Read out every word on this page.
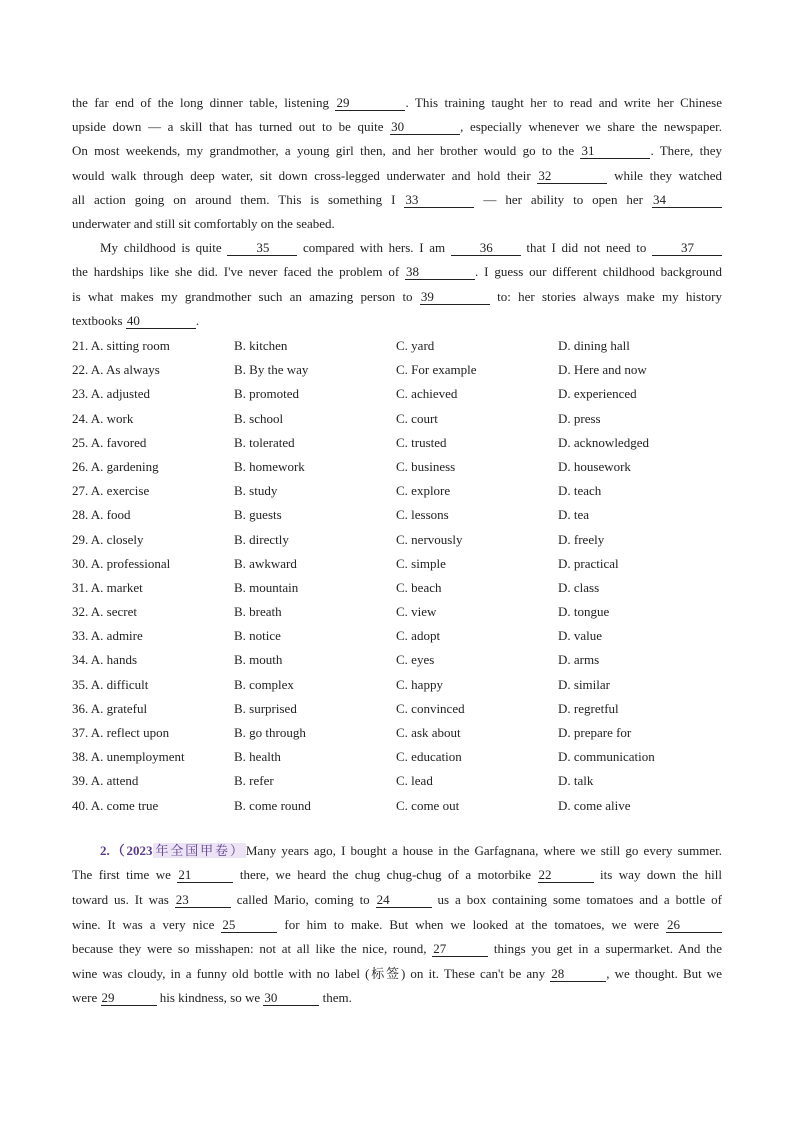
the far end of the long dinner table, listening 29	. This training taught her to read and write her Chinese

upside down — a skill that has turned out to be quite 30	, especially whenever we share the newspaper.

On most weekends, my grandmother, a young girl then, and her brother would go to the 31	. There, they

would walk through deep water, sit down cross-legged underwater and hold their 32	while they watched

all action going on around them. This is something I 33	— her ability to open her 34

underwater and still sit comfortably on the seabed.

My childhood is quite 35 compared with hers. I am 36 that I did not need to 37

the hardships like she did. I've never faced the problem of 38	. I guess our different childhood background

is what makes my grandmother such an amazing person to 39	to: her stories always make my history

textbooks 40	.

21. A. sitting room	B. kitchen	C. yard	D. dining hall
22. A. As always	B. By the way	C. For example	D. Here and now
23. A. adjusted	B. promoted	C. achieved	D. experienced
24. A. work	B. school	C. court	D. press
25. A. favored	B. tolerated	C. trusted	D. acknowledged
26. A. gardening	B. homework	C. business	D. housework
27. A. exercise	B. study	C. explore	D. teach
28. A. food	B. guests	C. lessons	D. tea
29. A. closely	B. directly	C. nervously	D. freely
30. A. professional	B. awkward	C. simple	D. practical
31. A. market	B. mountain	C. beach	D. class
32. A. secret	B. breath	C. view	D. tongue
33. A. admire	B. notice	C. adopt	D. value
34. A. hands	B. mouth	C. eyes	D. arms
35. A. difficult	B. complex	C. happy	D. similar
36. A. grateful	B. surprised	C. convinced	D. regretful
37. A. reflect upon	B. go through	C. ask about	D. prepare for
38. A. unemployment	B. health	C. education	D. communication
39. A. attend	B. refer	C. lead	D. talk
40. A. come true	B. come round	C. come out	D. come alive

2.（2023年全国甲卷）Many years ago, I bought a house in the Garfagnana, where we still go every summer.

The first time we 21	there, we heard the chug chug-chug of a motorbike 22	its way down the hill

toward us. It was 23	called Mario, coming to 24	us a box containing some tomatoes and a bottle of

wine. It was a very nice 25	for him to make. But when we looked at the tomatoes, we were 26

because they were so misshapen: not at all like the nice, round, 27	things you get in a supermarket. And the

wine was cloudy, in a funny old bottle with no label (标签) on it. These can't be any 28	, we thought. But we

were 29	his kindness, so we 30	them.
